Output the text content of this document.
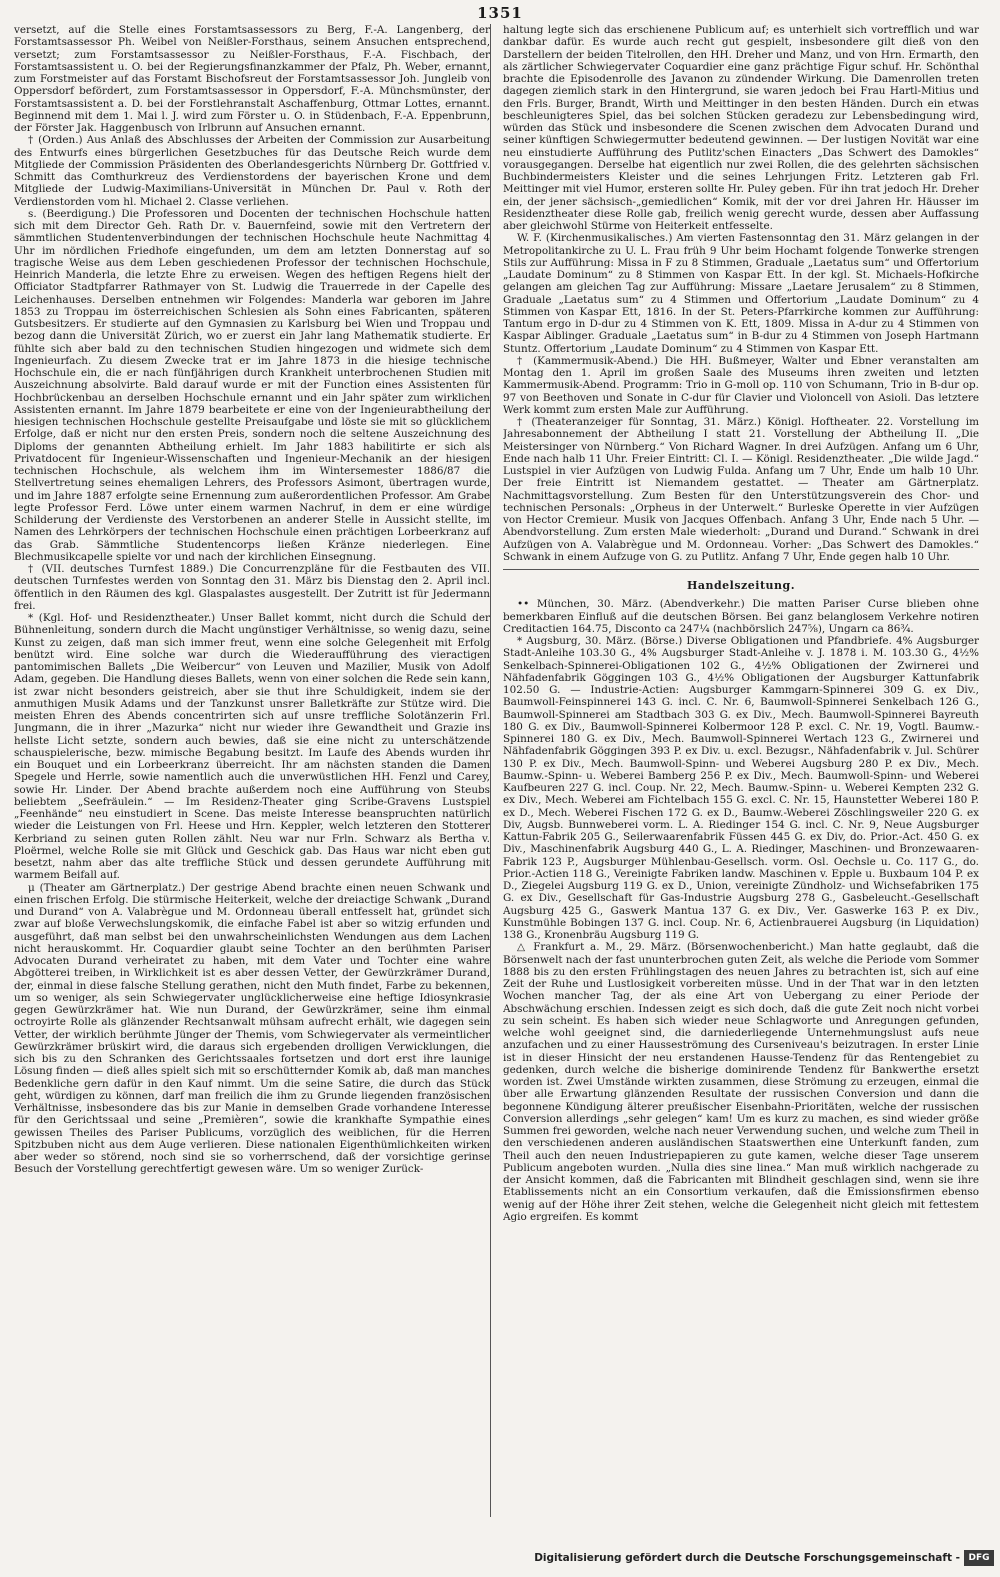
1351

versetzt, auf die Stelle eines Forstamtsassessors zu Berg, F.-A. Langenberg, der Forstamtsassessor Ph. Weibel von Neißler-Forsthaus, seinem Ansuchen entsprechend, versetzt; zum Forstamtsassessor zu Neißler-Forsthaus, F.-A. Fischbach, der Forstamtsassistent u. O. bei der Regierungsfinanzkammer der Pfalz, Ph. Weber, ernannt, zum Forstmeister auf das Forstamt Bischofsreut der Forstamtsassessor Joh. Jungleib von Oppersdorf befördert, zum Forstamtsassessor in Oppersdorf, F.-A. Münchsmünster, der Forstamtsassistent a. D. bei der Forstlehranstalt Aschaffenburg, Ottmar Lottes, ernannt. Beginnend mit dem 1. Mai l. J. wird zum Förster u. O. in Stüdenbach, F.-A. Eppenbrunn, der Förster Jak. Haggenbusch von Irlbrunn auf Ansuchen ernannt.

† (Orden.) Aus Anlaß des Abschlusses der Arbeiten der Commission zur Ausarbeitung des Entwurfs eines bürgerlichen Gesetzbuches für das Deutsche Reich wurde dem Mitgliede der Commission Präsidenten des Oberlandesgerichts Nürnberg Dr. Gottfried v. Schmitt das Comthurkreuz des Verdienstordens der bayerischen Krone und dem Mitgliede der Ludwig-Maximilians-Universität in München Dr. Paul v. Roth der Verdienstorden vom hl. Michael 2. Classe verliehen.

s. (Beerdigung.) Die Professoren und Docenten der technischen Hochschule hatten sich mit dem Director Geh. Rath Dr. v. Bauernfeind, sowie mit den Vertretern der sämmtlichen Studentenverbindungen der technischen Hochschule heute Nachmittag 4 Uhr im nördlichen Friedhofe eingefunden, um dem am letzten Donnerstag auf so tragische Weise aus dem Leben geschiedenen Professor der technischen Hochschule, Heinrich Manderla, die letzte Ehre zu erweisen. Wegen des heftigen Regens hielt der Officiator Stadtpfarrer Rathmayer von St. Ludwig die Trauerrede in der Capelle des Leichenhauses. Derselben entnehmen wir Folgendes: Manderla war geboren im Jahre 1853 zu Troppau im österreichischen Schlesien als Sohn eines Fabricanten, späteren Gutsbesitzers. Er studierte auf den Gymnasien zu Karlsburg bei Wien und Troppau und bezog dann die Universität Zürich, wo er zuerst ein Jahr lang Mathematik studierte. Er fühlte sich aber bald zu den technischen Studien hingezogen und widmete sich dem Ingenieurfach. Zu diesem Zwecke trat er im Jahre 1873 in die hiesige technische Hochschule ein, die er nach fünfjährigen durch Krankheit unterbrochenen Studien mit Auszeichnung absolvirte. Bald darauf wurde er mit der Function eines Assistenten für Hochbrückenbau an derselben Hochschule ernannt und ein Jahr später zum wirklichen Assistenten ernannt. Im Jahre 1879 bearbeitete er eine von der Ingenieurabtheilung der hiesigen technischen Hochschule gestellte Preisaufgabe und löste sie mit so glücklichem Erfolge, daß er nicht nur den ersten Preis, sondern noch die seltene Auszeichnung des Diploms der genannten Abtheilung erhielt. Im Jahr 1883 habilitirte er sich als Privatdocent für Ingenieur-Wissenschaften und Ingenieur-Mechanik an der hiesigen technischen Hochschule, als welchem ihm im Wintersemester 1886/87 die Stellvertretung seines ehemaligen Lehrers, des Professors Asimont, übertragen wurde, und im Jahre 1887 erfolgte seine Ernennung zum außerordentlichen Professor. Am Grabe legte Professor Ferd. Löwe unter einem warmen Nachruf, in dem er eine würdige Schilderung der Verdienste des Verstorbenen an anderer Stelle in Aussicht stellte, im Namen des Lehrkörpers der technischen Hochschule einen prächtigen Lorbeerkranz auf das Grab. Sämmtliche Studentencorps ließen Kränze niederlegen. Eine Blechmusikcapelle spielte vor und nach der kirchlichen Einsegnung.

† (VII. deutsches Turnfest 1889.) Die Concurrenzpläne für die Festbauten des VII. deutschen Turnfestes werden von Sonntag den 31. März bis Dienstag den 2. April incl. öffentlich in den Räumen des kgl. Glaspalastes ausgestellt. Der Zutritt ist für Jedermann frei.

* (Kgl. Hof- und Residenztheater.) Unser Ballet kommt, nicht durch die Schuld der Bühnenleitung, sondern durch die Macht ungünstiger Verhältnisse, so wenig dazu, seine Kunst zu zeigen, daß man sich immer freut, wenn eine solche Gelegenheit mit Erfolg benützt wird. Eine solche war durch die Wiederaufführung des vieractigen pantomimischen Ballets „Die Weibercur“ von Leuven und Mazilier, Musik von Adolf Adam, gegeben. Die Handlung dieses Ballets, wenn von einer solchen die Rede sein kann, ist zwar nicht besonders geistreich, aber sie thut ihre Schuldigkeit, indem sie der anmuthigen Musik Adams und der Tanzkunst unsrer Balletkräfte zur Stütze wird. Die meisten Ehren des Abends concentrirten sich auf unsre treffliche Solotänzerin Frl. Jungmann, die in ihrer „Mazurka“ nicht nur wieder ihre Gewandtheit und Grazie ins hellste Licht setzte, sondern auch bewies, daß sie eine nicht zu unterschätzende schauspielerische, bezw. mimische Begabung besitzt. Im Laufe des Abends wurden ihr ein Bouquet und ein Lorbeerkranz überreicht. Ihr am nächsten standen die Damen Spegele und Herrle, sowie namentlich auch die unverwüstlichen HH. Fenzl und Carey, sowie Hr. Linder. Der Abend brachte außerdem noch eine Aufführung von Steubs beliebtem „Seefräulein.“ — Im Residenz-Theater ging Scribe-Gravens Lustspiel „Feenhände“ neu einstudiert in Scene. Das meiste Interesse beanspruchten natürlich wieder die Leistungen von Frl. Heese und Hrn. Keppler, welch letzteren den Stotterer Kerbriand zu seinen guten Rollen zählt. Neu war nur Frln. Schwarz als Bertha v. Ploërmel, welche Rolle sie mit Glück und Geschick gab. Das Haus war nicht eben gut besetzt, nahm aber das alte treffliche Stück und dessen gerundete Aufführung mit warmem Beifall auf.

μ (Theater am Gärtnerplatz.) Der gestrige Abend brachte einen neuen Schwank und einen frischen Erfolg. Die stürmische Heiterkeit, welche der dreiactige Schwank „Durand und Durand“ von A. Valabrègue und M. Ordonneau überall entfesselt hat, gründet sich zwar auf bloße Verwechslungskomik, die einfache Fabel ist aber so witzig erfunden und ausgeführt, daß man selbst bei den unwahrscheinlichsten Wendungen aus dem Lachen nicht herauskommt. Hr. Coquardier glaubt seine Tochter an den berühmten Pariser Advocaten Durand verheiratet zu haben, mit dem Vater und Tochter eine wahre Abgötterei treiben, in Wirklichkeit ist es aber dessen Vetter, der Gewürzkrämer Durand, der, einmal in diese falsche Stellung gerathen, nicht den Muth findet, Farbe zu bekennen, um so weniger, als sein Schwiegervater unglücklicherweise eine heftige Idiosynkrasie gegen Gewürzkrämer hat. Wie nun Durand, der Gewürzkrämer, seine ihm einmal octroyirte Rolle als glänzender Rechtsanwalt mühsam aufrecht erhält, wie dagegen sein Vetter, der wirklich berühmte Jünger der Themis, vom Schwiegervater als vermeintlicher Gewürzkrämer brüskirt wird, die daraus sich ergebenden drolligen Verwicklungen, die sich bis zu den Schranken des Gerichtssaales fortsetzen und dort erst ihre launige Lösung finden — dieß alles spielt sich mit so erschütternder Komik ab, daß man manches Bedenkliche gern dafür in den Kauf nimmt. Um die seine Satire, die durch das Stück geht, würdigen zu können, darf man freilich die ihm zu Grunde liegenden französischen Verhältnisse, insbesondere das bis zur Manie in demselben Grade vorhandene Interesse für den Gerichtssaal und seine „Premièren“, sowie die krankhafte Sympathie eines gewissen Theiles des Pariser Publicums, vorzüglich des weiblichen, für die Herren Spitzbuben nicht aus dem Auge verlieren. Diese nationalen Eigenthümlichkeiten wirken aber weder so störend, noch sind sie so vorherrschend, daß der vorsichtige gerinse Besuch der Vorstellung gerechtfertigt gewesen wäre. Um so weniger Zurück-

haltung legte sich das erschienene Publicum auf; es unterhielt sich vortrefflich und war dankbar dafür. Es wurde auch recht gut gespielt, insbesondere gilt dieß von den Darstellern der beiden Titelrollen, den HH. Dreher und Manz, und von Hrn. Ermarth, den als zärtlicher Schwiegervater Coquardier eine ganz prächtige Figur schuf. Hr. Schönthal brachte die Episodenrolle des Javanon zu zündender Wirkung. Die Damenrollen treten dagegen ziemlich stark in den Hintergrund, sie waren jedoch bei Frau Hartl-Mitius und den Frls. Burger, Brandt, Wirth und Meittinger in den besten Händen. Durch ein etwas beschleunigteres Spiel, das bei solchen Stücken geradezu zur Lebensbedingung wird, würden das Stück und insbesondere die Scenen zwischen dem Advocaten Durand und seiner künftigen Schwiegermutter bedeutend gewinnen. — Der lustigen Novität war eine neu einstudierte Aufführung des Putlitz'schen Einacters „Das Schwert des Damokles“ vorausgegangen. Derselbe hat eigentlich nur zwei Rollen, die des gelehrten sächsischen Buchbindermeisters Kleister und die seines Lehrjungen Fritz. Letzteren gab Frl. Meittinger mit viel Humor, ersteren sollte Hr. Puley geben. Für ihn trat jedoch Hr. Dreher ein, der jener sächsisch-„gemiedlichen“ Komik, mit der vor drei Jahren Hr. Häusser im Residenztheater diese Rolle gab, freilich wenig gerecht wurde, dessen aber Auffassung aber gleichwohl Stürme von Heiterkeit entfesselte.

W. F. (Kirchenmusikalisches.) Am vierten Fastensonntag den 31. März gelangen in der Metropolitankirche zu U. L. Frau früh 9 Uhr beim Hochamt folgende Tonwerke strengen Stils zur Aufführung: Missa in F zu 8 Stimmen, Graduale „Laetatus sum“ und Offertorium „Laudate Dominum“ zu 8 Stimmen von Kaspar Ett. In der kgl. St. Michaels-Hofkirche gelangen am gleichen Tag zur Aufführung: Missare „Laetare Jerusalem“ zu 8 Stimmen, Graduale „Laetatus sum“ zu 4 Stimmen und Offertorium „Laudate Dominum“ zu 4 Stimmen von Kaspar Ett, 1816. In der St. Peters-Pfarrkirche kommen zur Aufführung: Tantum ergo in D-dur zu 4 Stimmen von K. Ett, 1809. Missa in A-dur zu 4 Stimmen von Kaspar Aiblinger. Graduale „Laetatus sum“ in B-dur zu 4 Stimmen von Joseph Hartmann Stuntz. Offertorium „Laudate Dominum“ zu 4 Stimmen von Kaspar Ett.

† (Kammermusik-Abend.) Die HH. Bußmeyer, Walter und Ebner veranstalten am Montag den 1. April im großen Saale des Museums ihren zweiten und letzten Kammermusik-Abend. Programm: Trio in G-moll op. 110 von Schumann, Trio in B-dur op. 97 von Beethoven und Sonate in C-dur für Clavier und Violoncell von Asioli. Das letztere Werk kommt zum ersten Male zur Aufführung.

† (Theateranzeiger für Sonntag, 31. März.) Königl. Hoftheater. 22. Vorstellung im Jahresabonnement der Abtheilung I statt 21. Vorstellung der Abtheilung II. „Die Meistersinger von Nürnberg.“ Von Richard Wagner. In drei Aufzügen. Anfang um 6 Uhr, Ende nach halb 11 Uhr. Freier Eintritt: Cl. I. — Königl. Residenztheater. „Die wilde Jagd.“ Lustspiel in vier Aufzügen von Ludwig Fulda. Anfang um 7 Uhr, Ende um halb 10 Uhr. Der freie Eintritt ist Niemandem gestattet. — Theater am Gärtnerplatz. Nachmittagsvorstellung. Zum Besten für den Unterstützungsverein des Chor- und technischen Personals: „Orpheus in der Unterwelt.“ Burleske Operette in vier Aufzügen von Hector Cremieur. Musik von Jacques Offenbach. Anfang 3 Uhr, Ende nach 5 Uhr. — Abendvorstellung. Zum ersten Male wiederholt: „Durand und Durand.“ Schwank in drei Aufzügen von A. Valabrègue und M. Ordonneau. Vorher: „Das Schwert des Damokles.“ Schwank in einem Aufzuge von G. zu Putlitz. Anfang 7 Uhr, Ende gegen halb 10 Uhr.

Handelszeitung.

•• München, 30. März. (Abendverkehr.) Die matten Pariser Curse blieben ohne bemerkbaren Einfluß auf die deutschen Börsen. Bei ganz belanglosem Verkehre notiren Creditactien 164.75, Disconto ca 247¼ (nachbörslich 247⅝), Ungarn ca 86¾.

* Augsburg, 30. März. (Börse.) Diverse Obligationen und Pfandbriefe. 4% Augsburger Stadt-Anleihe 103.30 G., 4% Augsburger Stadt-Anleihe v. J. 1878 i. M. 103.30 G., 4½% Senkelbach-Spinnerei-Obligationen 102 G., 4½% Obligationen der Zwirnerei und Nähfadenfabrik Göggingen 103 G., 4½% Obligationen der Augsburger Kattunfabrik 102.50 G. — Industrie-Actien: Augsburger Kammgarn-Spinnerei 309 G. ex Div., Baumwoll-Feinspinnerei 143 G. incl. C. Nr. 6, Baumwoll-Spinnerei Senkelbach 126 G., Baumwoll-Spinnerei am Stadtbach 303 G. ex Div., Mech. Baumwoll-Spinnerei Bayreuth 180 G. ex Div., Baumwoll-Spinnerei Kolbermoor 128 P. excl. C. Nr. 19, Vogtl. Baumw.-Spinnerei 180 G. ex Div., Mech. Baumwoll-Spinnerei Wertach 123 G., Zwirnerei und Nähfadenfabrik Göggingen 393 P. ex Div. u. excl. Bezugsr., Nähfadenfabrik v. Jul. Schürer 130 P. ex Div., Mech. Baumwoll-Spinn- und Weberei Augsburg 280 P. ex Div., Mech. Baumw.-Spinn- u. Weberei Bamberg 256 P. ex Div., Mech. Baumwoll-Spinn- und Weberei Kaufbeuren 227 G. incl. Coup. Nr. 22, Mech. Baumw.-Spinn- u. Weberei Kempten 232 G. ex Div., Mech. Weberei am Fichtelbach 155 G. excl. C. Nr. 15, Haunstetter Weberei 180 P. ex D., Mech. Weberei Fischen 172 G. ex D., Baumw.-Weberei Zöschlingsweiler 220 G. ex Div, Augsb. Bunnweberei vorm. L. A. Riedinger 154 G. incl. C. Nr. 9, Neue Augsburger Kattun-Fabrik 205 G., Seilerwaarenfabrik Füssen 445 G. ex Div, do. Prior.-Act. 450 G. ex Div., Maschinenfabrik Augsburg 440 G., L. A. Riedinger, Maschinen- und Bronzewaaren-Fabrik 123 P., Augsburger Mühlenbau-Gesellsch. vorm. Osl. Oechsle u. Co. 117 G., do. Prior.-Actien 118 G., Vereinigte Fabriken landw. Maschinen v. Epple u. Buxbaum 104 P. ex D., Ziegelei Augsburg 119 G. ex D., Union, vereinigte Zündholz- und Wichsefabriken 175 G. ex Div., Gesellschaft für Gas-Industrie Augsburg 278 G., Gasbeleucht.-Gesellschaft Augsburg 425 G., Gaswerk Mantua 137 G. ex Div., Ver. Gaswerke 163 P. ex Div., Kunstmühle Bobingen 137 G. incl. Coup. Nr. 6, Actienbrauerei Augsburg (in Liquidation) 138 G., Kronenbräu Augsburg 119 G.

△ Frankfurt a. M., 29. März. (Börsenwochenbericht.) Man hatte geglaubt, daß die Börsenwelt nach der fast ununterbrochen guten Zeit, als welche die Periode vom Sommer 1888 bis zu den ersten Frühlingstagen des neuen Jahres zu betrachten ist, sich auf eine Zeit der Ruhe und Lustlosigkeit vorbereiten müsse. Und in der That war in den letzten Wochen mancher Tag, der als eine Art von Uebergang zu einer Periode der Abschwächung erschien. Indessen zeigt es sich doch, daß die gute Zeit noch nicht vorbei zu sein scheint. Es haben sich wieder neue Schlagworte und Anregungen gefunden, welche wohl geeignet sind, die darniederliegende Unternehmungslust aufs neue anzufachen und zu einer Hausseströmung des Curseniveau's beizutragen. In erster Linie ist in dieser Hinsicht der neu erstandenen Hausse-Tendenz für das Rentengebiet zu gedenken, durch welche die bisherige dominirende Tendenz für Bankwerthe ersetzt worden ist. Zwei Umstände wirkten zusammen, diese Strömung zu erzeugen, einmal die über alle Erwartung glänzenden Resultate der russischen Conversion und dann die begonnene Kündigung älterer preußischer Eisenbahn-Prioritäten, welche der russischen Conversion allerdings „sehr gelegen“ kam! Um es kurz zu machen, es sind wieder größe Summen frei geworden, welche nach neuer Verwendung suchen, und welche zum Theil in den verschiedenen anderen ausländischen Staatswerthen eine Unterkunft fanden, zum Theil auch den neuen Industriepapieren zu gute kamen, welche dieser Tage unserem Publicum angeboten wurden. „Nulla dies sine linea.“ Man muß wirklich nachgerade zu der Ansicht kommen, daß die Fabricanten mit Blindheit geschlagen sind, wenn sie ihre Etablissements nicht an ein Consortium verkaufen, daß die Emissionsfirmen ebenso wenig auf der Höhe ihrer Zeit stehen, welche die Gelegenheit nicht gleich mit fettestem Agio ergreifen. Es kommt

Digitalisierung gefördert durch die Deutsche Forschungsgemeinschaft - DFG
